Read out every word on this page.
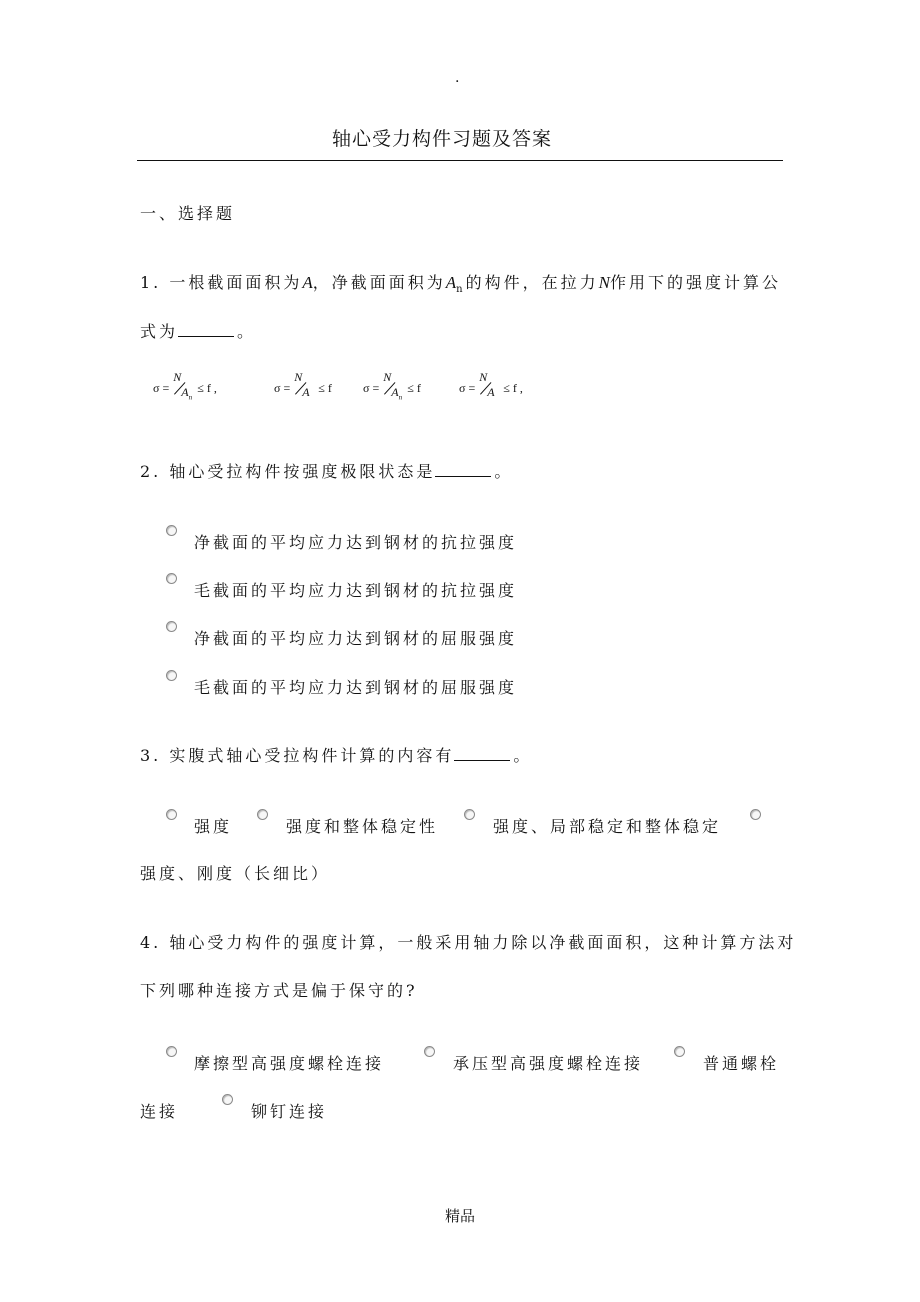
.
轴心受力构件习题及答案
一、选择题
1. 一根截面面积为A，净截面面积为$A_n$的构件，在拉力N作用下的强度计算公
式为	。
σ =
N
$A_n$
≤ f ,	σ =
N
A ≤ f	σ =
N
$A_n$
≤ f	σ =
N
A ≤ f ,
2. 轴心受拉构件按强度极限状态是	。
净截面的平均应力达到钢材的抗拉强度
毛截面的平均应力达到钢材的抗拉强度
净截面的平均应力达到钢材的屈服强度
毛截面的平均应力达到钢材的屈服强度
3. 实腹式轴心受拉构件计算的内容有	。
强度	强度和整体稳定性	强度、局部稳定和整体稳定
强度、刚度（长细比）
4. 轴心受力构件的强度计算，一般采用轴力除以净截面面积，这种计算方法对
下列哪种连接方式是偏于保守的?
摩擦型高强度螺栓连接	承压型高强度螺栓连接	普通螺栓
连接	铆钉连接
精品
